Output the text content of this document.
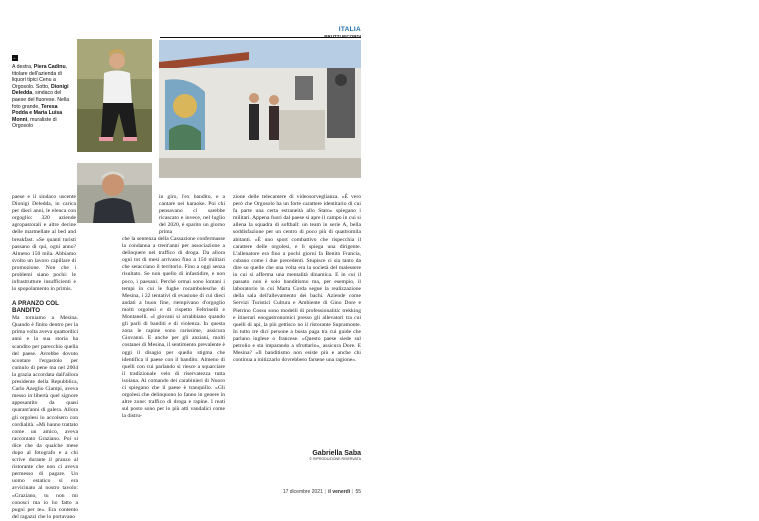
ITALIA
←
A destra, Piera Cadinu, titolare dell'azienda di liquori tipici Cenu a Orgosolo. Sotto, Dionigi Deledda, sindaco del paese del fiuorese. Nella foto grande, Teresa Podda e Maria Luisa Monni, muraliste di Orgosolo

paese e il sindaco uscente Dionigi Deledda, in carica per dieci anni, le elenca con orgoglio: 320 aziende agropastorali e altre decine delle marmellate al bed and breakfast. «Se quanti turisti passano di qui, ogni anno? Almeno 150 mila. Abbiamo svolto un lavoro capillare di promozione. Non che i problemi siano pochi: le infrastrutture insufficienti e lo spopolamento in primis.

A PRANZO COL BANDITO

Ma torniamo a Mesina. Quando è finito dentro per la prima volta aveva quattordici anni e la sua storia ha scandito per parecchio quella del paese. Avrebbe dovuto scontare l'ergastolo per cumulo di pene ma nel 2004 la grazia accordata dall'allora presidente della Repubblica, Carlo Azeglio Ciampi, aveva messo in libertà quel signore appesantito da quasi quarant'anni di galera. Allora gli orgolesi lo accolsero con cordialità. «Mi hanno trattato come un amico, aveva raccontato Graziano. Poi si dice che da qualche mese dopo al fotografo e a chi scrive durante il pranzo al ristorante che non ci aveva permesso di pagare. Un uomo estatico si era avvicinato al nostro tavolo: «Graziano, tu non mi conosci ma io ho fatto a pugni per te». Era contento del ragazzi che lo portavano

in giro, l'ex bandito, e a cantare nei karaoke. Poi chi pensavano ci sarebbe ricascato e invece, nel luglio del 2020, è sparito un giorno prima

che la sentenza della Cassazione confermasse la condanna a trent'anni per associazione a delinquere nel traffico di droga. Da allora ogni tot di mesi arrivano fino a 150 militari che setacciano il territorio. Fino a oggi senza risultato. Se non quello di infastidire, e non poco, i paesani. Perché ormai sono lontani i tempi in cui le fughe rocambolesche di Mesina, i 22 tentativi di evasione di cui dieci andati a buon fine, riempivano d'orgoglio molti orgolesi e di rispetto Feltrinelli e Montanelli. «I giovani si arrabbiano quando gli parli di banditi e di violenza. In questa zona le rapine sono rarissime, assicura Giovanni. E anche per gli anziani, molti costanei di Mesina, il sentimento prevalente è oggi il disagio per quello stigma che identifica il paese con il bandito. Almeno di quelli con cui parlando si riesce a squarciare il tradizionale velo di riservatezza tutta isolana. Al comando dei carabinieri di Nuoro ci spiegano che il paese è tranquillo. «Gli orgolesi che delinquono lo fanno in genere in altre zone: traffico di droga e rapine. I reati sul posto sono per lo più atti vandalici come la distru-

zione delle telecamere di videosorveglianza. «È vero però che Orgosolo ha un forte carattere identitario di cui fa parte una certa estraneità allo Stato» spiegano i militari. Appena fuori dal paese si apre il campo in cui si allena la squadra di softball: un team in serie A, bella soddisfazione per un centro di poco più di quattromila abitanti. «È uno sport combattivo che rispecchia il carattere delle orgolesi, e lì spiega una dirigente. L'allenatore era fino a pochi giorni fa Benito Francia, cubano come i due precedenti. Stupisce ci sia tanto da dire su quelle che una volta era la società del malessere in cui si afferma una mentalità dinamica. E in cui il passato non è solo banditismo ma, per esempio, il laboratorio in cui Marta Corda segue la realizzazione della sala dell'allevamento dei bachi. Aziende come Servizi Turistici Cultura e Ambiente di Gino Dore e Pietrino Cossu sono modelli di professionalità: trekking e itinerari enogastronomici presso gli allevatori tra cui quelli di api, la più gettisco no il ristorante Supramonte. In tutto tre dici persone a busta paga tra cui guide che parlano inglese o francese. «Questo paese siede sul petrolio e sta imparando a sfruttarlo», assicura Dore. E Mesina? «Il banditismo non esiste più e anche chi continua a mitizzarlo dovrebbero farsene una ragione».

Gabriella Saba
© RIPRODUZIONE RISERVATA
17 dicembre 2021 | il venerdì | 55
